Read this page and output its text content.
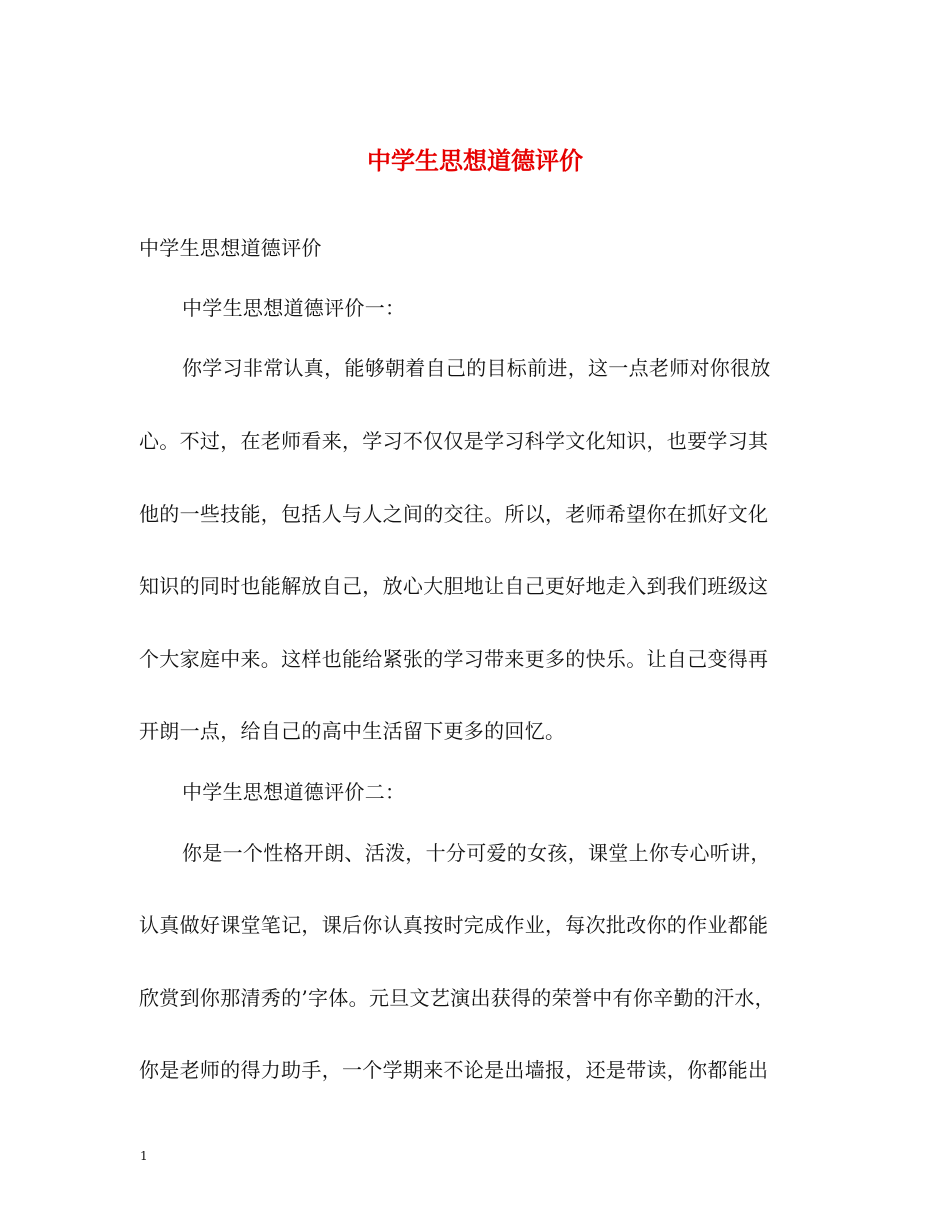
中学生思想道德评价
中学生思想道德评价
中学生思想道德评价一：
你学习非常认真，能够朝着自己的目标前进，这一点老师对你很放
心。不过，在老师看来，学习不仅仅是学习科学文化知识，也要学习其
他的一些技能，包括人与人之间的交往。所以，老师希望你在抓好文化
知识的同时也能解放自己，放心大胆地让自己更好地走入到我们班级这
个大家庭中来。这样也能给紧张的学习带来更多的快乐。让自己变得再
开朗一点，给自己的高中生活留下更多的回忆。
中学生思想道德评价二：
你是一个性格开朗、活泼，十分可爱的女孩，课堂上你专心听讲，
认真做好课堂笔记，课后你认真按时完成作业，每次批改你的作业都能
欣赏到你那清秀的’字体。元旦文艺演出获得的荣誉中有你辛勤的汗水，
你是老师的得力助手，一个学期来不论是出墙报，还是带读，你都能出
1
